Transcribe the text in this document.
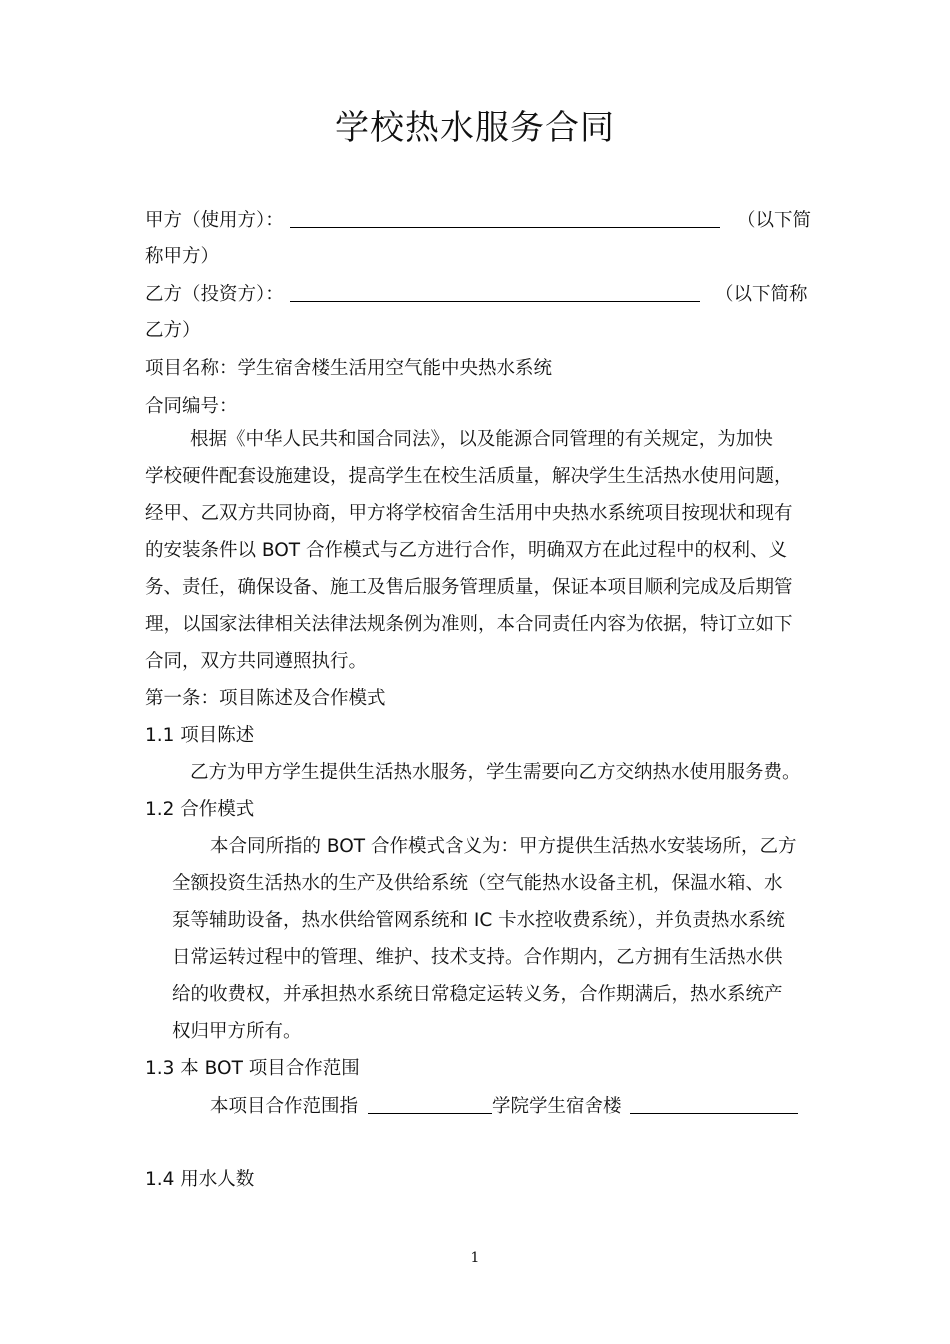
学校热水服务合同
甲方（使用方）：	（以下简
称甲方）
乙方（投资方）：	（以下简称
乙方）
项目名称：学生宿舍楼生活用空气能中央热水系统
合同编号：
根据《中华人民共和国合同法》，以及能源合同管理的有关规定，为加快
学校硬件配套设施建设，提高学生在校生活质量，解决学生生活热水使用问题，
经甲、乙双方共同协商，甲方将学校宿舍生活用中央热水系统项目按现状和现有
的安装条件以 BOT 合作模式与乙方进行合作，明确双方在此过程中的权利、义
务、责任，确保设备、施工及售后服务管理质量，保证本项目顺利完成及后期管
理，以国家法律相关法律法规条例为准则，本合同责任内容为依据，特订立如下
合同，双方共同遵照执行。
第一条：项目陈述及合作模式
1.1 项目陈述
乙方为甲方学生提供生活热水服务，学生需要向乙方交纳热水使用服务费。
1.2 合作模式
本合同所指的 BOT 合作模式含义为：甲方提供生活热水安装场所，乙方
全额投资生活热水的生产及供给系统（空气能热水设备主机，保温水箱、水
泵等辅助设备，热水供给管网系统和 IC 卡水控收费系统），并负责热水系统
日常运转过程中的管理、维护、技术支持。合作期内，乙方拥有生活热水供
给的收费权，并承担热水系统日常稳定运转义务，合作期满后，热水系统产
权归甲方所有。
1.3 本 BOT 项目合作范围
本项目合作范围指	学院学生宿舍楼
1.4 用水人数
1
